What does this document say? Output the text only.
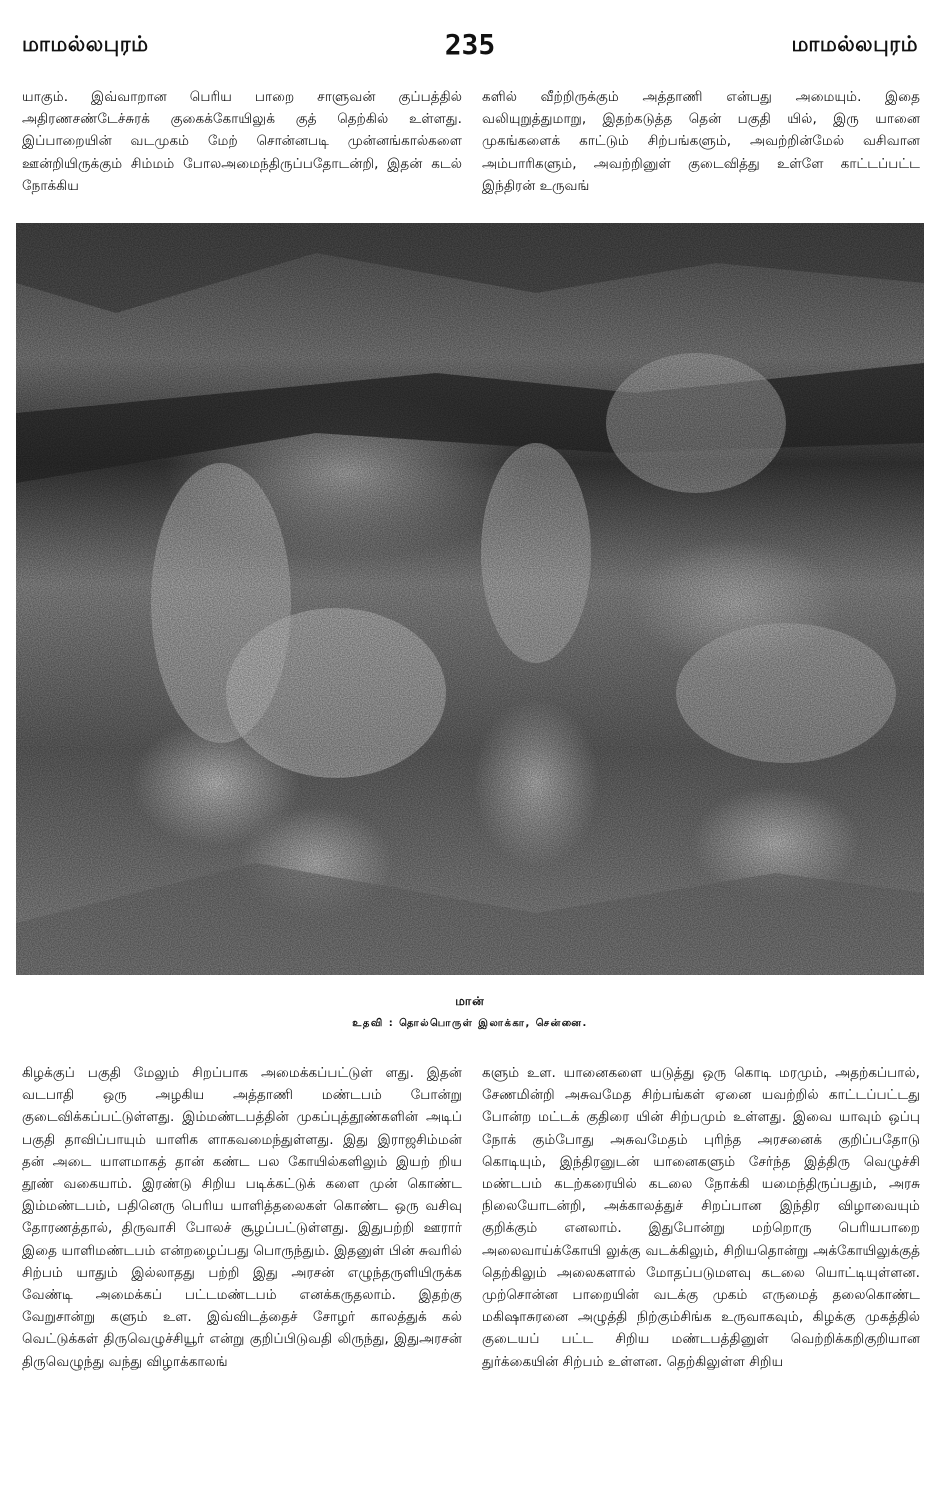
மாமல்லபுரம்	235	மாமல்லபுரம்

யாகும். இவ்வாறான பெரிய பாறை சாளுவன் குப்பத்தில் அதிரணசண்டேச்சுரக் குகைக்கோயிலுக் குத் தெற்கில் உள்ளது. இப்பாறையின் வடமுகம் மேற் சொன்னபடி முன்னங்கால்களை ஊன்றியிருக்கும் சிம்மம் போலஅமைந்திருப்பதோடன்றி, இதன் கடல் நோக்கிய

களில் வீற்றிருக்கும் அத்தாணி என்பது அமையும். இதை வலியுறுத்துமாறு, இதற்கடுத்த தென் பகுதி யில், இரு யானை முகங்களைக் காட்டும் சிற்பங்களும், அவற்றின்மேல் வசிவான அம்பாரிகளும், அவற்றினுள் குடைவித்து உள்ளே காட்டப்பட்ட இந்திரன் உருவங்

மான்
உதவி : தொல்பொருள் இலாக்கா, சென்னை.

கிழக்குப் பகுதி மேலும் சிறப்பாக அமைக்கப்பட்டுள் ளது. இதன் வடபாதி ஒரு அழகிய அத்தாணி மண்டபம் போன்று குடைவிக்கப்பட்டுள்ளது. இம்மண்டபத்தின் முகப்புத்தூண்களின் அடிப் பகுதி தாவிப்பாயும் யாளிக ளாகவமைந்துள்ளது. இது இராஜசிம்மன் தன் அடை யாளமாகத் தான் கண்ட பல கோயில்களிலும் இயற் றிய தூண் வகையாம். இரண்டு சிறிய படிக்கட்டுக் களை முன் கொண்ட இம்மண்டபம், பதினெரு பெரிய யாளித்தலைகள் கொண்ட ஒரு வசிவு தோரணத்தால், திருவாசி போலச் சூழப்பட்டுள்ளது. இதுபற்றி ஊரார் இதை யாளிமண்டபம் என்றழைப்பது பொருந்தும். இதனுள் பின் சுவரில் சிற்பம் யாதும் இல்லாதது பற்றி இது அரசன் எழுந்தருளியிருக்க வேண்டி அமைக்கப் பட்டமண்டபம் எனக்கருதலாம். இதற்கு வேறுசான்று களும் உள. இவ்விடத்தைச் சோழர் காலத்துக் கல் வெட்டுக்கள் திருவெழுச்சியூர் என்று குறிப்பிடுவதி லிருந்து, இதுஅரசன் திருவெழுந்து வந்து விழாக்காலங்

களும் உள. யானைகளை யடுத்து ஒரு கொடி மரமும், அதற்கப்பால், சேணமின்றி அசுவமேத சிற்பங்கள் ஏனை யவற்றில் காட்டப்பட்டது போன்ற மட்டக் குதிரை யின் சிற்பமும் உள்ளது. இவை யாவும் ஒப்பு நோக் கும்போது அசுவமேதம் புரிந்த அரசனைக் குறிப்பதோடு கொடியும், இந்திரனுடன் யானைகளும் சேர்ந்த இத்திரு வெழுச்சி மண்டபம் கடற்கரையில் கடலை நோக்கி யமைந்திருப்பதும், அரசு நிலையோடன்றி, அக்காலத்துச் சிறப்பான இந்திர விழாவையும் குறிக்கும் எனலாம். இதுபோன்று மற்றொரு பெரியபாறை அலைவாய்க்கோயி லுக்கு வடக்கிலும், சிறியதொன்று அக்கோயிலுக்குத் தெற்கிலும் அலைகளால் மோதப்படுமளவு கடலை யொட்டியுள்ளன. முற்சொன்ன பாறையின் வடக்கு முகம் எருமைத் தலைகொண்ட மகிஷாசுரனை அழுத்தி நிற்கும்சிங்க உருவாகவும், கிழக்கு முகத்தில் குடையப் பட்ட சிறிய மண்டபத்தினுள் வெற்றிக்கறிகுறியான துர்க்கையின் சிற்பம் உள்ளன. தெற்கிலுள்ள சிறிய
